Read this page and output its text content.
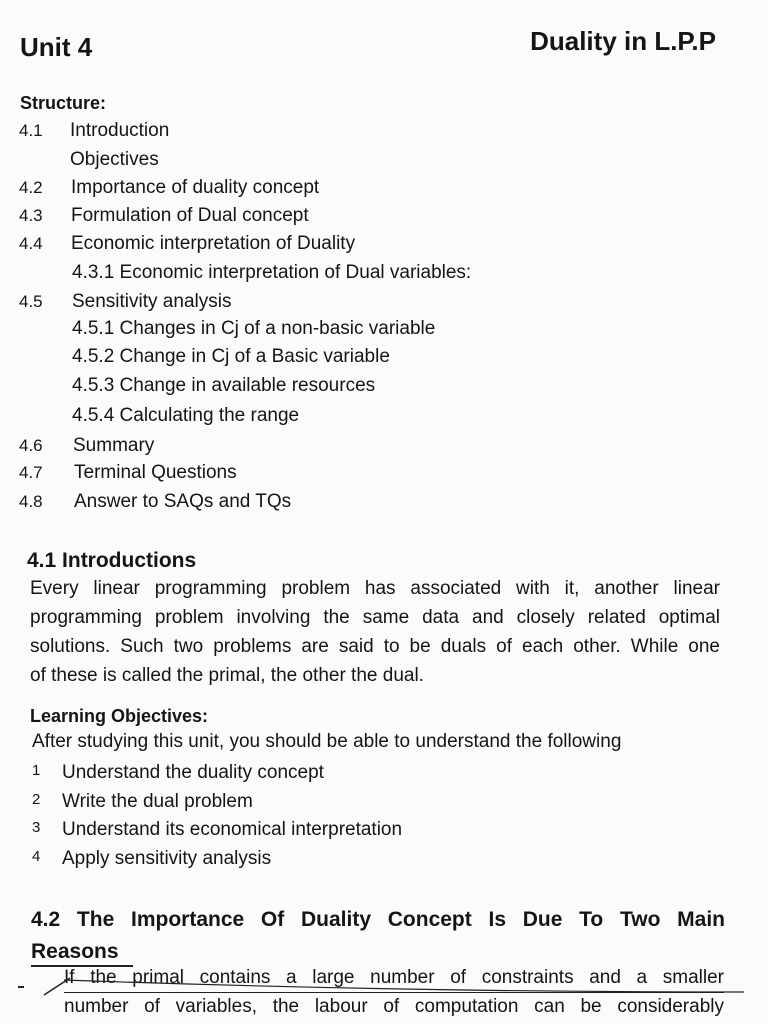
Unit 4	Duality in L.P.P
Structure:
4.1 Introduction
Objectives
4.2 Importance of duality concept
4.3 Formulation of Dual concept
4.4 Economic interpretation of Duality
4.3.1 Economic interpretation of Dual variables:
4.5 Sensitivity analysis
4.5.1 Changes in Cj of a non-basic variable
4.5.2 Change in Cj of a Basic variable
4.5.3 Change in available resources
4.5.4 Calculating the range
4.6 Summary
4.7 Terminal Questions
4.8 Answer to SAQs and TQs
4.1 Introductions
Every linear programming problem has associated with it, another linear
programming problem involving the same data and closely related optimal
solutions. Such two problems are said to be duals of each other. While one
of these is called the primal, the other the dual.
Learning Objectives:
After studying this unit, you should be able to understand the following
1 Understand the duality concept
2 Write the dual problem
3 Understand its economical interpretation
4 Apply sensitivity analysis
4.2 The Importance Of Duality Concept Is Due To Two Main
Reasons
If the primal contains a large number of constraints and a smaller
number of variables, the labour of computation can be considerably
